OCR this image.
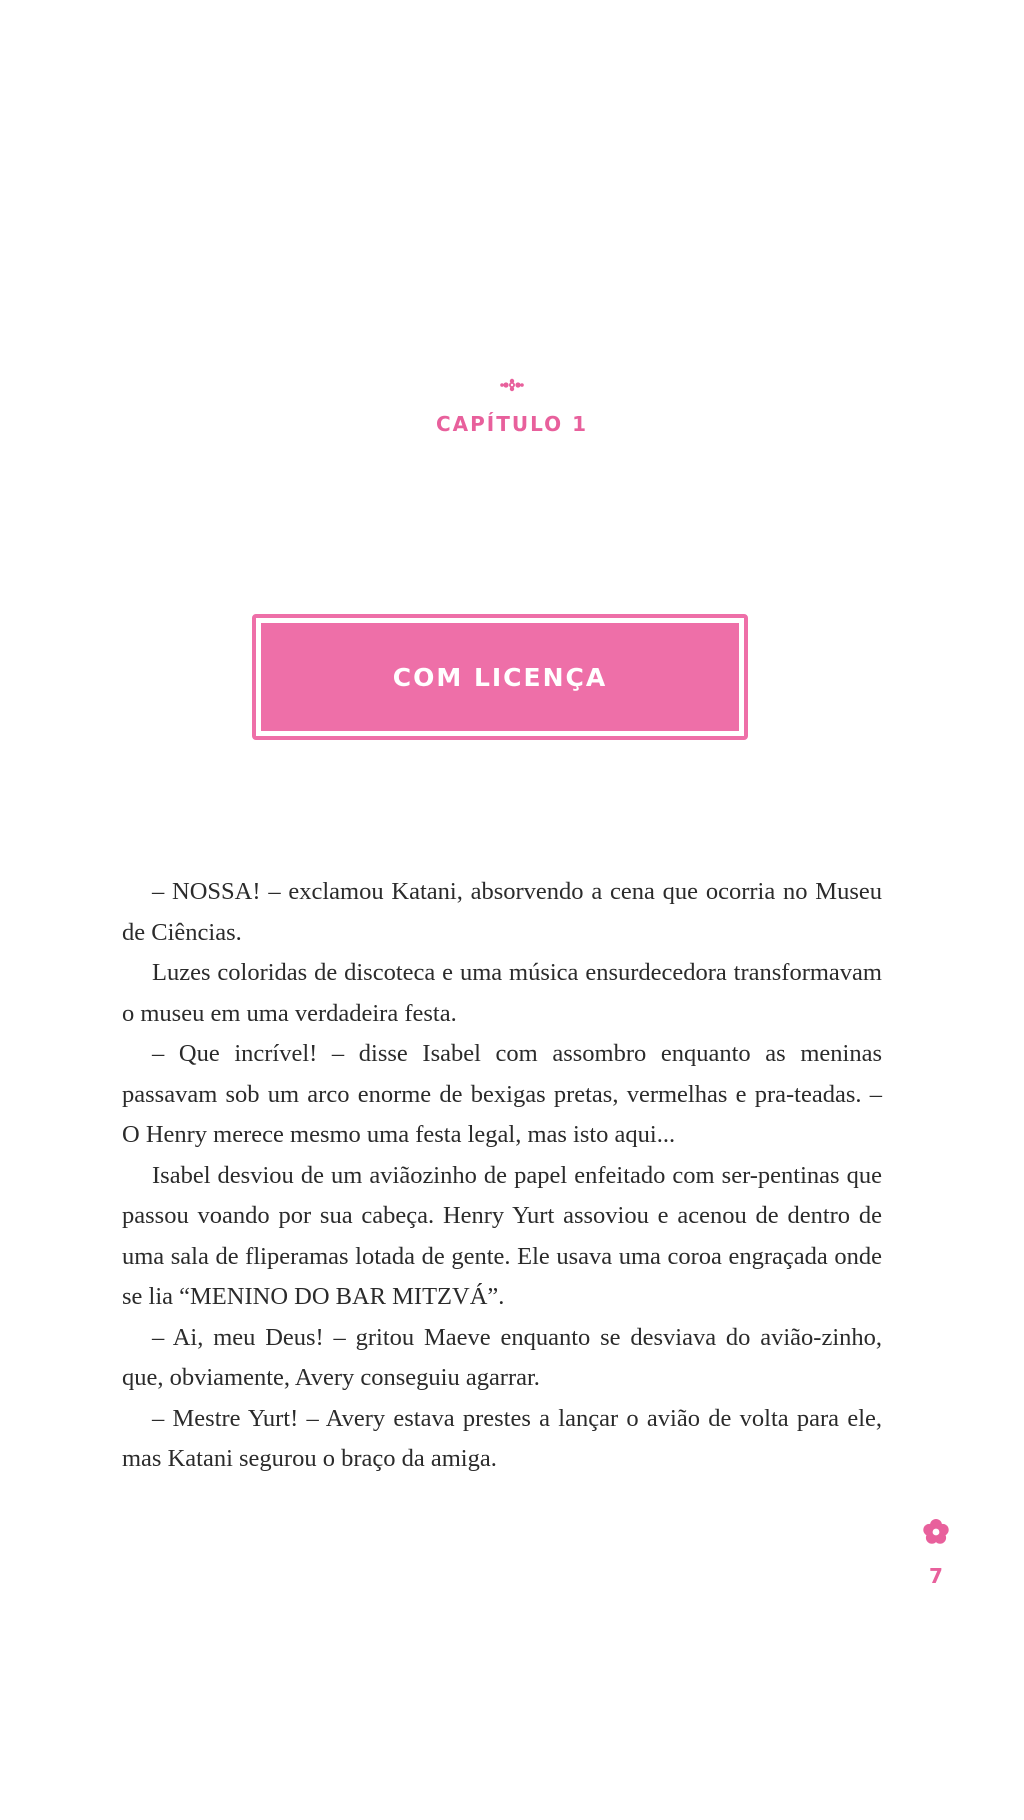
CAPÍTULO 1
COM LICENÇA

– NOSSA! – exclamou Katani, absorvendo a cena que ocorria no Museu de Ciências.

Luzes coloridas de discoteca e uma música ensurdecedora transformavam o museu em uma verdadeira festa.

– Que incrível! – disse Isabel com assombro enquanto as meninas passavam sob um arco enorme de bexigas pretas, vermelhas e pra-teadas. – O Henry merece mesmo uma festa legal, mas isto aqui...

Isabel desviou de um aviãozinho de papel enfeitado com ser-pentinas que passou voando por sua cabeça. Henry Yurt assoviou e acenou de dentro de uma sala de fliperamas lotada de gente. Ele usava uma coroa engraçada onde se lia “MENINO DO BAR MITZVÁ”.

– Ai, meu Deus! – gritou Maeve enquanto se desviava do avião-zinho, que, obviamente, Avery conseguiu agarrar.

– Mestre Yurt! – Avery estava prestes a lançar o avião de volta para ele, mas Katani segurou o braço da amiga.

7
